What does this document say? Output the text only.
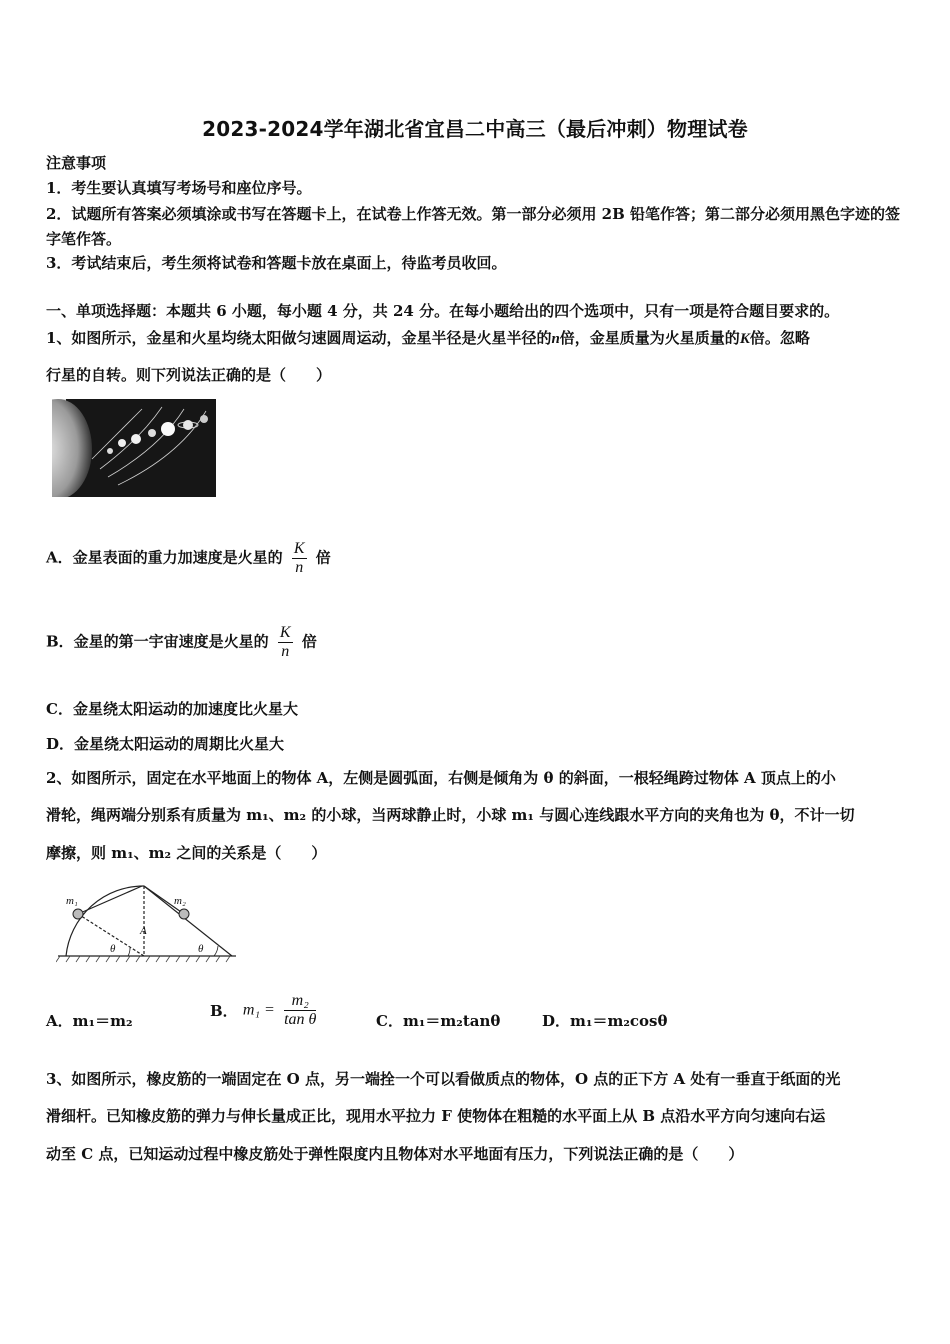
2023-2024学年湖北省宜昌二中高三（最后冲刺）物理试卷
注意事项
1．考生要认真填写考场号和座位序号。
2．试题所有答案必须填涂或书写在答题卡上，在试卷上作答无效。第一部分必须用 2B 铅笔作答；第二部分必须用黑色字迹的签字笔作答。
3．考试结束后，考生须将试卷和答题卡放在桌面上，待监考员收回。
一、单项选择题：本题共 6 小题，每小题 4 分，共 24 分。在每小题给出的四个选项中，只有一项是符合题目要求的。
1、如图所示，金星和火星均绕太阳做匀速圆周运动，金星半径是火星半径的n倍，金星质量为火星质量的K倍。忽略
行星的自转。则下列说法正确的是（　　）
A．金星表面的重力加速度是火星的 $\frac{K}{n}$ 倍
B．金星的第一宇宙速度是火星的 $\frac{K}{n}$ 倍
C．金星绕太阳运动的加速度比火星大
D．金星绕太阳运动的周期比火星大
2、如图所示，固定在水平地面上的物体 A，左侧是圆弧面，右侧是倾角为 θ 的斜面，一根轻绳跨过物体 A 顶点上的小
滑轮，绳两端分别系有质量为 m₁、m₂ 的小球，当两球静止时，小球 m₁ 与圆心连线跟水平方向的夹角也为 θ，不计一切
摩擦，则 m₁、m₂ 之间的关系是（　　）
m₁	m₂
A
θ	θ
A．m₁＝m₂
B． $m_1 = \frac{\text{m₂}}{\text{tan θ}}$	C．m₁＝m₂tanθ	D．m₁＝m₂cosθ
3、如图所示，橡皮筋的一端固定在 O 点，另一端拴一个可以看做质点的物体，O 点的正下方 A 处有一垂直于纸面的光
滑细杆。已知橡皮筋的弹力与伸长量成正比，现用水平拉力 F 使物体在粗糙的水平面上从 B 点沿水平方向匀速向右运
动至 C 点，已知运动过程中橡皮筋处于弹性限度内且物体对水平地面有压力，下列说法正确的是（　　）
